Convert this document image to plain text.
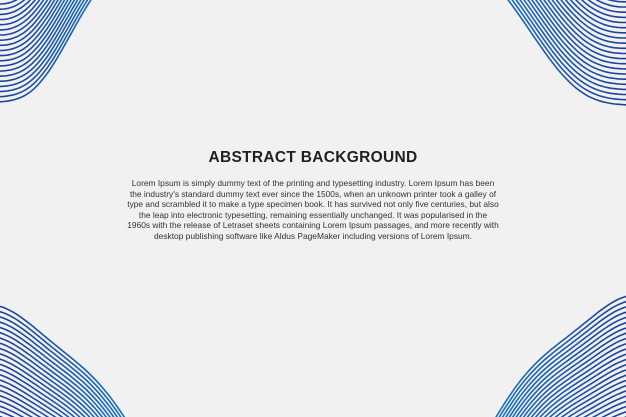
ABSTRACT BACKGROUND

Lorem Ipsum is simply dummy text of the printing and typesetting industry. Lorem Ipsum has been the industry's standard dummy text ever since the 1500s, when an unknown printer took a galley of type and scrambled it to make a type specimen book. It has survived not only five centuries, but also the leap into electronic typesetting, remaining essentially unchanged. It was popularised in the 1960s with the release of Letraset sheets containing Lorem Ipsum passages, and more recently with desktop publishing software like Aldus PageMaker including versions of Lorem Ipsum.
